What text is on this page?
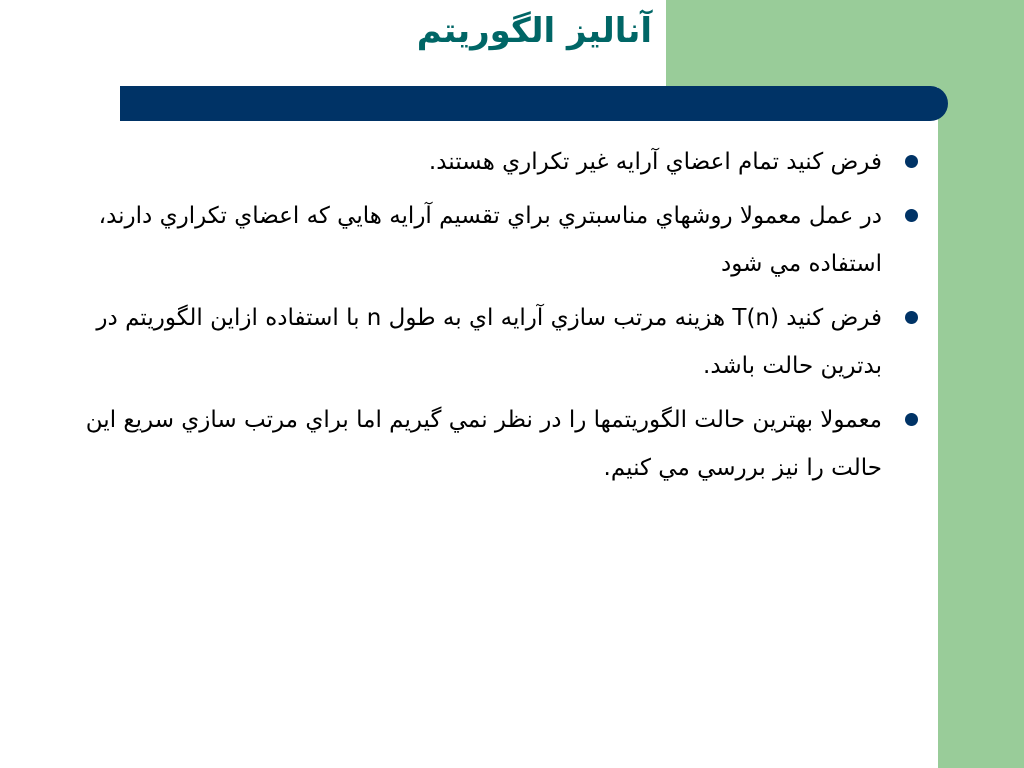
آناليز الگوريتم
فرض كنيد تمام اعضاي آرايه غير تكراري هستند.
در عمل معمولا روشهاي مناسبتري براي تقسيم آرايه هايي كه اعضاي تكراري دارند، استفاده مي شود
فرض كنيد T(n) هزينه مرتب سازي آرايه اي به طول n با استفاده ازاين الگوريتم در بدترين حالت باشد.
معمولا بهترين حالت الگوريتمها را در نظر نمي گيريم اما براي مرتب سازي سريع اين حالت را نيز بررسي مي كنيم.
